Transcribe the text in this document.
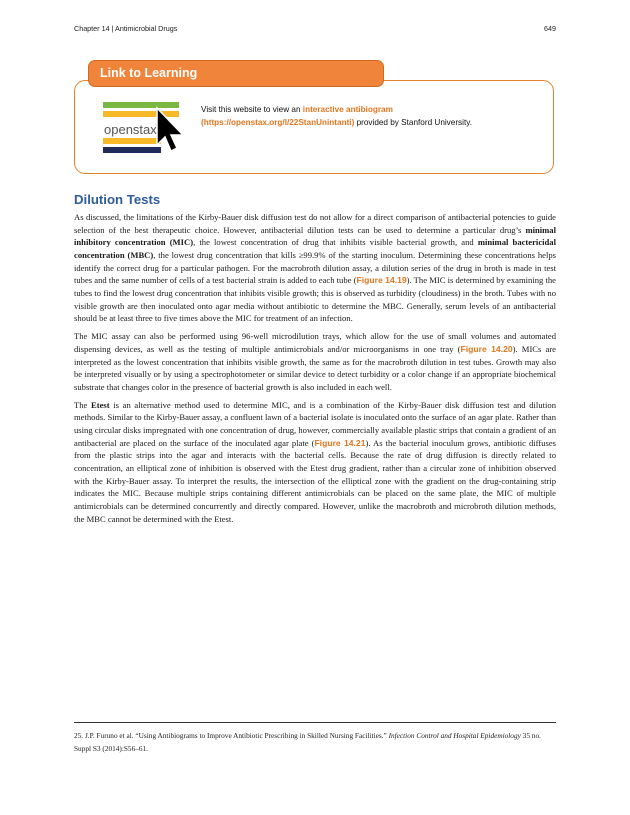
Chapter 14 | Antimicrobial Drugs	649
Link to Learning
openstax
Visit this website to view an interactive antibiogram (https://openstax.org/l/22StanUnintanti) provided by Stanford University.
Dilution Tests

As discussed, the limitations of the Kirby-Bauer disk diffusion test do not allow for a direct comparison of antibacterial potencies to guide selection of the best therapeutic choice. However, antibacterial dilution tests can be used to determine a particular drug’s minimal inhibitory concentration (MIC), the lowest concentration of drug that inhibits visible bacterial growth, and minimal bactericidal concentration (MBC), the lowest drug concentration that kills ≥99.9% of the starting inoculum. Determining these concentrations helps identify the correct drug for a particular pathogen. For the macrobroth dilution assay, a dilution series of the drug in broth is made in test tubes and the same number of cells of a test bacterial strain is added to each tube (Figure 14.19). The MIC is determined by examining the tubes to find the lowest drug concentration that inhibits visible growth; this is observed as turbidity (cloudiness) in the broth. Tubes with no visible growth are then inoculated onto agar media without antibiotic to determine the MBC. Generally, serum levels of an antibacterial should be at least three to five times above the MIC for treatment of an infection.

The MIC assay can also be performed using 96-well microdilution trays, which allow for the use of small volumes and automated dispensing devices, as well as the testing of multiple antimicrobials and/or microorganisms in one tray (Figure 14.20). MICs are interpreted as the lowest concentration that inhibits visible growth, the same as for the macrobroth dilution in test tubes. Growth may also be interpreted visually or by using a spectrophotometer or similar device to detect turbidity or a color change if an appropriate biochemical substrate that changes color in the presence of bacterial growth is also included in each well.

The Etest is an alternative method used to determine MIC, and is a combination of the Kirby-Bauer disk diffusion test and dilution methods. Similar to the Kirby-Bauer assay, a confluent lawn of a bacterial isolate is inoculated onto the surface of an agar plate. Rather than using circular disks impregnated with one concentration of drug, however, commercially available plastic strips that contain a gradient of an antibacterial are placed on the surface of the inoculated agar plate (Figure 14.21). As the bacterial inoculum grows, antibiotic diffuses from the plastic strips into the agar and interacts with the bacterial cells. Because the rate of drug diffusion is directly related to concentration, an elliptical zone of inhibition is observed with the Etest drug gradient, rather than a circular zone of inhibition observed with the Kirby-Bauer assay. To interpret the results, the intersection of the elliptical zone with the gradient on the drug-containing strip indicates the MIC. Because multiple strips containing different antimicrobials can be placed on the same plate, the MIC of multiple antimicrobials can be determined concurrently and directly compared. However, unlike the macrobroth and microbroth dilution methods, the MBC cannot be determined with the Etest.

25. J.P. Furuno et al. “Using Antibiograms to Improve Antibiotic Prescribing in Skilled Nursing Facilities.” Infection Control and Hospital Epidemiology 35 no. Suppl S3 (2014):S56–61.
